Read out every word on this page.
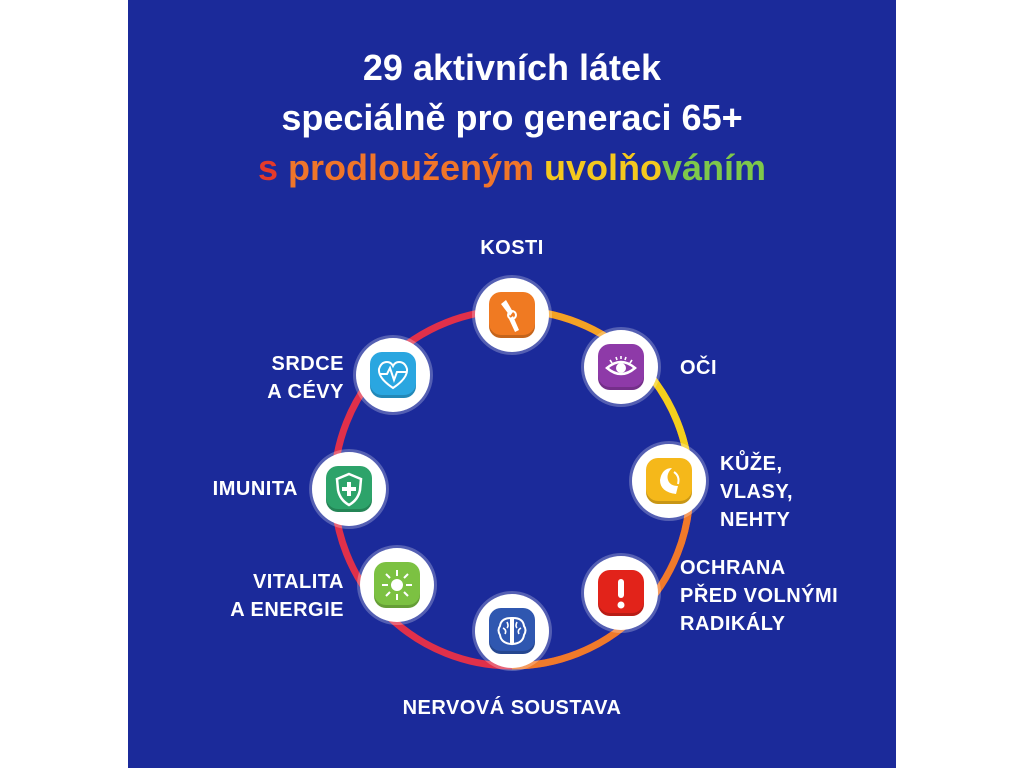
29 aktivních látek
speciálně pro generaci 65+
s prodlouženým uvolňováním

KOSTI

OČI

KŮŽE,
VLASY,
NEHTY

OCHRANA
PŘED VOLNÝMI
RADIKÁLY

NERVOVÁ SOUSTAVA

VITALITA
A ENERGIE

IMUNITA

SRDCE
A CÉVY
